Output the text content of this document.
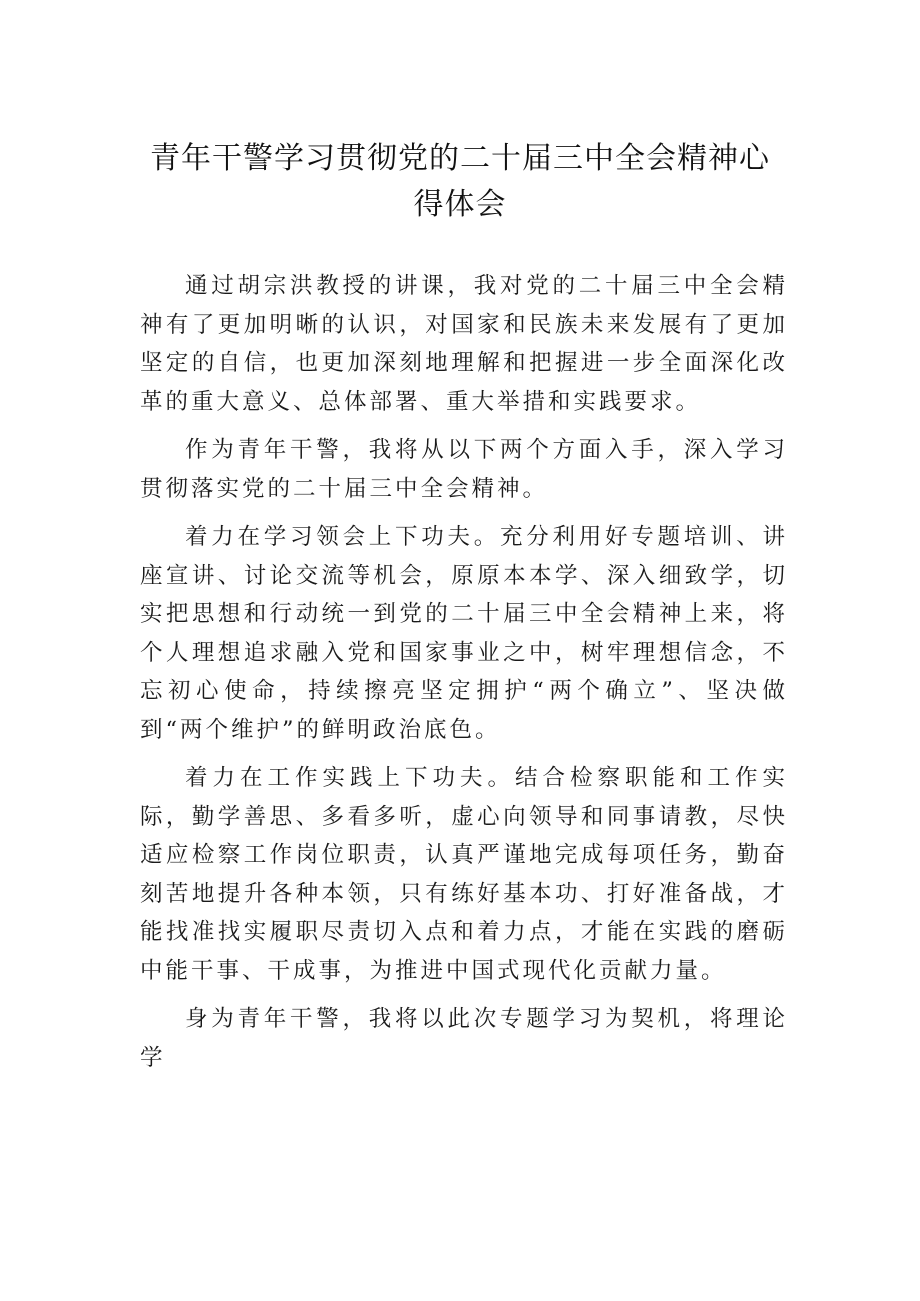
青年干警学习贯彻党的二十届三中全会精神心
得体会

通过胡宗洪教授的讲课，我对党的二十届三中全会精神有了更加明晰的认识，对国家和民族未来发展有了更加坚定的自信，也更加深刻地理解和把握进一步全面深化改革的重大意义、总体部署、重大举措和实践要求。

作为青年干警，我将从以下两个方面入手，深入学习贯彻落实党的二十届三中全会精神。

着力在学习领会上下功夫。充分利用好专题培训、讲座宣讲、讨论交流等机会，原原本本学、深入细致学，切实把思想和行动统一到党的二十届三中全会精神上来，将个人理想追求融入党和国家事业之中，树牢理想信念，不忘初心使命，持续擦亮坚定拥护“两个确立”、坚决做到“两个维护”的鲜明政治底色。

着力在工作实践上下功夫。结合检察职能和工作实际，勤学善思、多看多听，虚心向领导和同事请教，尽快适应检察工作岗位职责，认真严谨地完成每项任务，勤奋刻苦地提升各种本领，只有练好基本功、打好准备战，才能找准找实履职尽责切入点和着力点，才能在实践的磨砺中能干事、干成事，为推进中国式现代化贡献力量。

身为青年干警，我将以此次专题学习为契机，将理论学
